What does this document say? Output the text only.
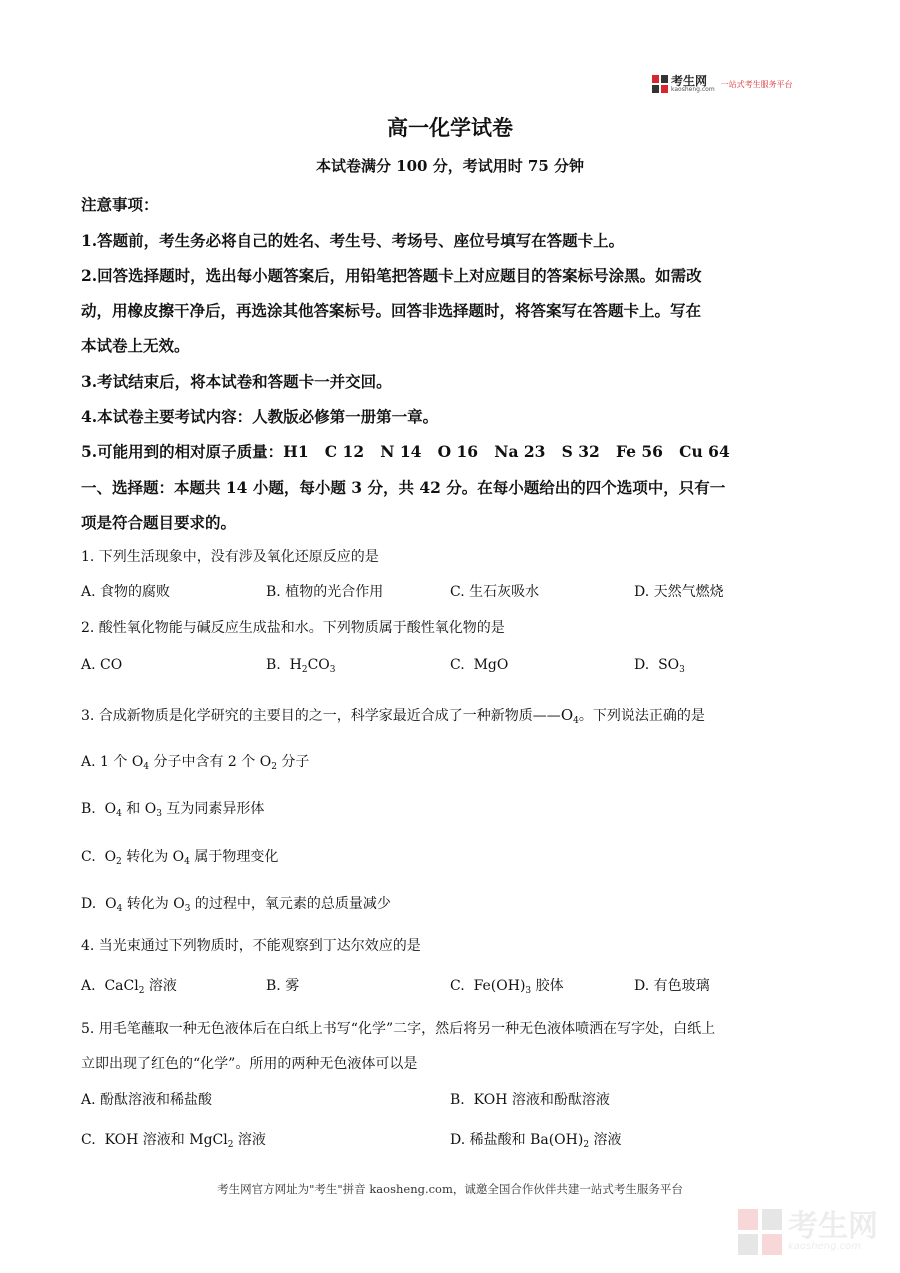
考生网
kaosheng.com
一站式考生服务平台
高一化学试卷
本试卷满分 100 分，考试用时 75 分钟
注意事项：
1.答题前，考生务必将自己的姓名、考生号、考场号、座位号填写在答题卡上。
2.回答选择题时，选出每小题答案后，用铅笔把答题卡上对应题目的答案标号涂黑。如需改
动，用橡皮擦干净后，再选涂其他答案标号。回答非选择题时，将答案写在答题卡上。写在
本试卷上无效。
3.考试结束后，将本试卷和答题卡一并交回。
4.本试卷主要考试内容：人教版必修第一册第一章。
5.可能用到的相对原子质量：H1   C 12   N 14   O 16   Na 23   S 32   Fe 56   Cu 64
一、选择题：本题共 14 小题，每小题 3 分，共 42 分。在每小题给出的四个选项中，只有一
项是符合题目要求的。
1. 下列生活现象中，没有涉及氧化还原反应的是
A. 食物的腐败	B. 植物的光合作用	C. 生石灰吸水	D. 天然气燃烧
2. 酸性氧化物能与碱反应生成盐和水。下列物质属于酸性氧化物的是
A. CO	B.  $H_2CO_3$	C.  MgO	D.  $SO_3$
3. 合成新物质是化学研究的主要目的之一，科学家最近合成了一种新物质$——O_4$。下列说法正确的是
A. 1 个 $O_4$ 分子中含有 2 个 $O_2$ 分子
B.  $O_4$ 和 $O_3$ 互为同素异形体
C.  $O_2$ 转化为 $O_4$ 属于物理变化
D.  $O_4$ 转化为 $O_3$ 的过程中，氧元素的总质量减少
4. 当光束通过下列物质时，不能观察到丁达尔效应的是
A.  CaCl$_2$ 溶液	B. 雾	C.  $Fe(OH)_3$ 胶体	D. 有色玻璃
5. 用毛笔蘸取一种无色液体后在白纸上书写“化学”二字，然后将另一种无色液体喷洒在写字处，白纸上
立即出现了红色的“化学”。所用的两种无色液体可以是
A. 酚酞溶液和稀盐酸	B.  KOH 溶液和酚酞溶液
C.  KOH 溶液和 MgCl$_2$ 溶液	D. 稀盐酸和 $Ba(OH)_2$ 溶液
考生网官方网址为"考生"拼音 kaosheng.com，诚邀全国合作伙伴共建一站式考生服务平台
考生网
kaosheng.com
